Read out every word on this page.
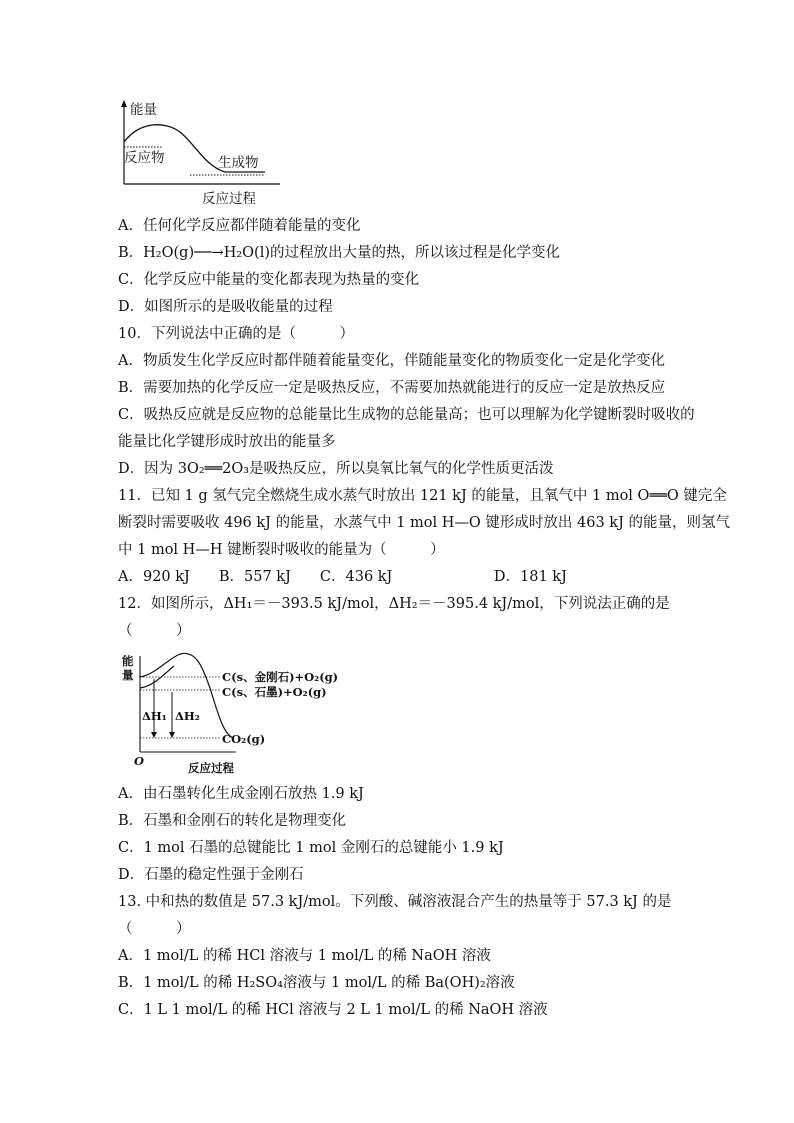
能量
反应物	生成物
反应过程
A．任何化学反应都伴随着能量的变化
B．H₂O(g)──→H₂O(l)的过程放出大量的热，所以该过程是化学变化
C．化学反应中能量的变化都表现为热量的变化
D．如图所示的是吸收能量的过程
10．下列说法中正确的是（　　　）
A．物质发生化学反应时都伴随着能量变化，伴随能量变化的物质变化一定是化学变化
B．需要加热的化学反应一定是吸热反应，不需要加热就能进行的反应一定是放热反应
C．吸热反应就是反应物的总能量比生成物的总能量高；也可以理解为化学键断裂时吸收的
能量比化学键形成时放出的能量多
D．因为 3O₂══2O₃是吸热反应，所以臭氧比氧气的化学性质更活泼
11．已知 1 g 氢气完全燃烧生成水蒸气时放出 121 kJ 的能量，且氧气中 1 mol O══O 键完全
断裂时需要吸收 496 kJ 的能量，水蒸气中 1 mol H—O 键形成时放出 463 kJ 的能量，则氢气
中 1 mol H—H 键断裂时吸收的能量为（　　　）
A．920 kJ　　B．557 kJ　　C．436 kJ　　　　　　　D．181 kJ
12．如图所示，ΔH₁＝－393.5 kJ/mol，ΔH₂＝－395.4 kJ/mol，下列说法正确的是
（　　　）
能
量	C(s、金刚石)+O₂(g)
C(s、石墨)+O₂(g)
ΔH₁ ΔH₂
CO₂(g)
O	反应过程
A．由石墨转化生成金刚石放热 1.9 kJ
B．石墨和金刚石的转化是物理变化
C．1 mol 石墨的总键能比 1 mol 金刚石的总键能小 1.9 kJ
D．石墨的稳定性强于金刚石
13. 中和热的数值是 57.3 kJ/mol。下列酸、碱溶液混合产生的热量等于 57.3 kJ 的是
（　　　）
A．1 mol/L 的稀 HCl 溶液与 1 mol/L 的稀 NaOH 溶液
B．1 mol/L 的稀 H₂SO₄溶液与 1 mol/L 的稀 Ba(OH)₂溶液
C．1 L 1 mol/L 的稀 HCl 溶液与 2 L 1 mol/L 的稀 NaOH 溶液
